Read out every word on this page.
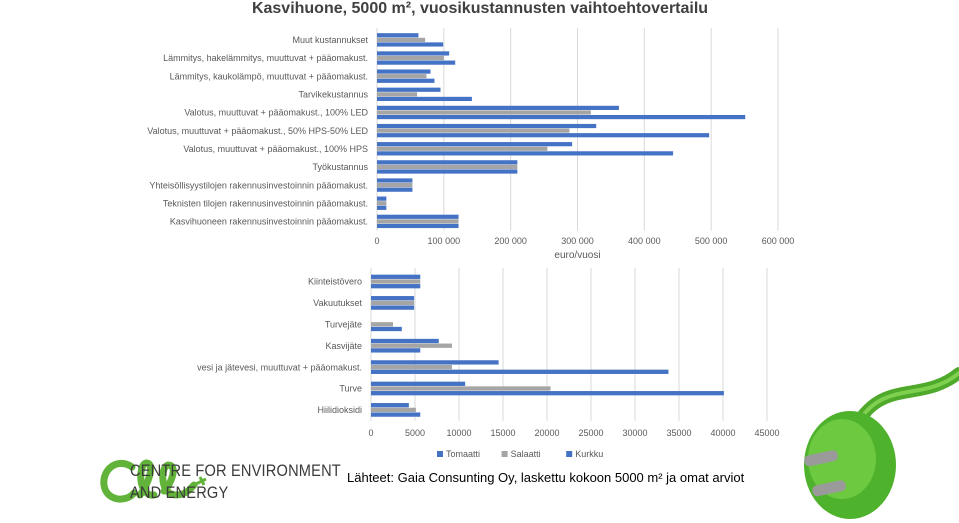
Kasvihuone, 5000 m², vuosikustannusten vaihtoehtovertailu
0	100 000	200 000	300 000	400 000	500 000	600 000
euro/vuosi
Muut kustannukset
Lämmitys, hakelämmitys, muuttuvat + pääomakust.
Lämmitys, kaukolämpö, muuttuvat + pääomakust.
Tarvikekustannus
Valotus, muuttuvat + pääomakust., 100% LED
Valotus, muuttuvat + pääomakust., 50% HPS-50% LED
Valotus, muuttuvat + pääomakust., 100% HPS
Työkustannus
Yhteisöllisyystilojen rakennusinvestoinnin pääomakust.
Teknisten tilojen rakennusinvestoinnin pääomakust.
Kasvihuoneen rakennusinvestoinnin pääomakust.
0	5000 10000 15000 20000 25000 30000 35000 40000 45000
Kiinteistövero
Vakuutukset
Turvejäte
Kasvijäte
vesi ja jätevesi, muuttuvat + pääomakust.
Turve
Hiilidioksidi
Tomaatti	Salaatti	Kurkku
CENTRE FOR ENVIRONMENT
AND ENERGY
Lähteet: Gaia Consunting Oy, laskettu kokoon 5000 m² ja omat arviot
